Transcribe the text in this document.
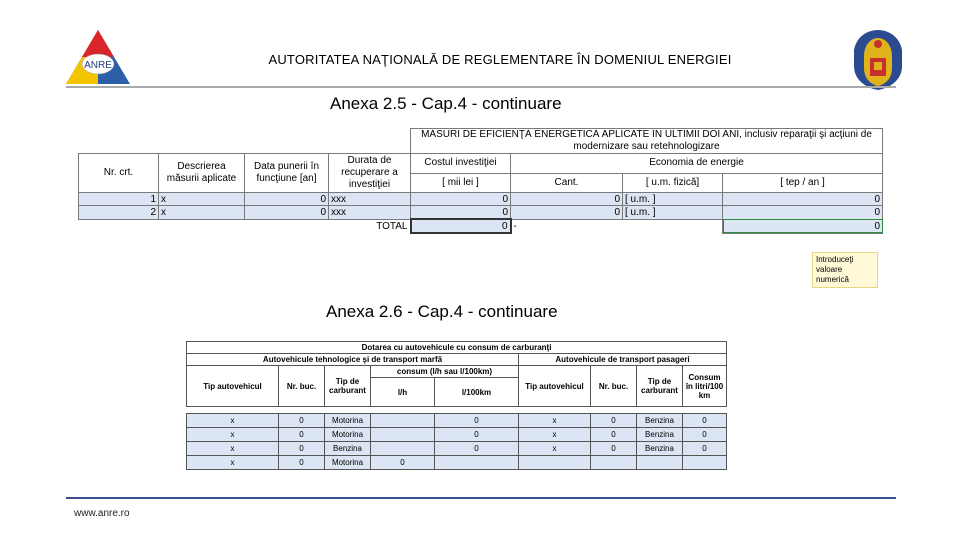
ANRE	AUTORITATEA NAŢIONALĂ DE REGLEMENTARE ÎN DOMENIUL ENERGIEI
Anexa 2.5 - Cap.4 - continuare
				MĂSURI DE EFICIENŢĂ ENERGETICĂ APLICATE ÎN ULTIMII DOI ANI, inclusiv reparaţii şi acţiuni de modernizare sau retehnologizare			
Nr. crt.	Descrierea măsurii aplicate	Data punerii în funcţiune [an]	Durata de recuperare a investiţiei	Costul investiţiei	Economia de energie		
				[ mii lei ]	Cant.	[ u.m. fizică]	[ tep / an ]
1	x	0	xxx	0	0	[ u.m. ]	0
2	x	0	xxx	0	0	[ u.m. ]	0
			TOTAL	0	-		0
Introduceţi valoare numerică
Anexa 2.6 - Cap.4 - continuare
Dotarea cu autovehicule cu consum de carburanţi								
Autovehicule tehnologice şi de transport marfă					Autovehicule de transport pasageri			
Tip autovehicul	Nr. buc.	Tip de carburant	consum (l/h sau l/100km)		Tip autovehicul	Nr. buc.	Tip de carburant	Consum în litri/100 km
			l/h	l/100km				

x	0	Motorina		0	x	0	Benzina	0
x	0	Motorina		0	x	0	Benzina	0
x	0	Benzina		0	x	0	Benzina	0
x	0	Motorina	0					
www.anre.ro
